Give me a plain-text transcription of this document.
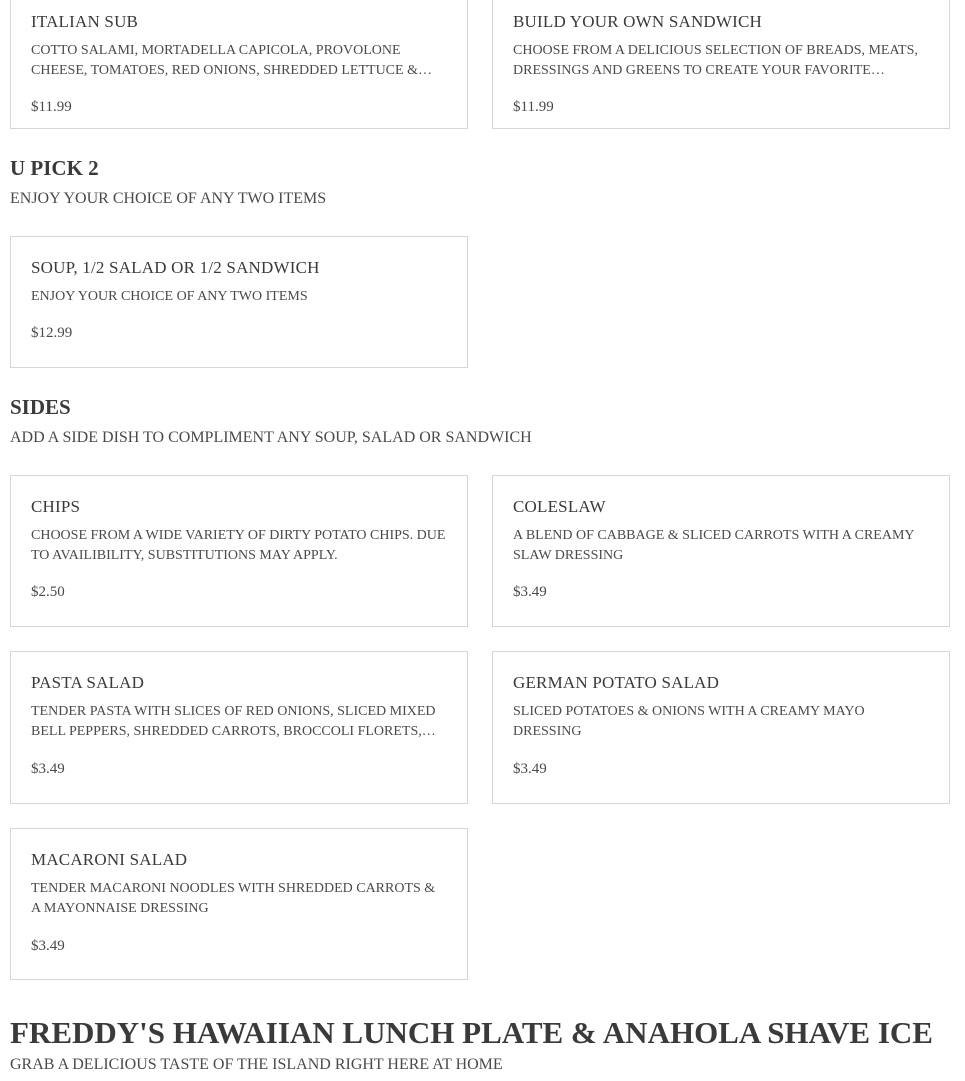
ITALIAN SUB
COTTO SALAMI, MORTADELLA CAPICOLA, PROVOLONE CHEESE, TOMATOES, RED ONIONS, SHREDDED LETTUCE &…
$11.99
BUILD YOUR OWN SANDWICH
CHOOSE FROM A DELICIOUS SELECTION OF BREADS, MEATS, DRESSINGS AND GREENS TO CREATE YOUR FAVORITE…
$11.99
U PICK 2
ENJOY YOUR CHOICE OF ANY TWO ITEMS
SOUP, 1/2 SALAD OR 1/2 SANDWICH
ENJOY YOUR CHOICE OF ANY TWO ITEMS
$12.99
SIDES
ADD A SIDE DISH TO COMPLIMENT ANY SOUP, SALAD OR SANDWICH
CHIPS
CHOOSE FROM A WIDE VARIETY OF DIRTY POTATO CHIPS. DUE TO AVAILIBILITY, SUBSTITUTIONS MAY APPLY.
$2.50
COLESLAW
A BLEND OF CABBAGE & SLICED CARROTS WITH A CREAMY SLAW DRESSING
$3.49
PASTA SALAD
TENDER PASTA WITH SLICES OF RED ONIONS, SLICED MIXED BELL PEPPERS, SHREDDED CARROTS, BROCCOLI FLORETS,…
$3.49
GERMAN POTATO SALAD
SLICED POTATOES & ONIONS WITH A CREAMY MAYO DRESSING
$3.49
MACARONI SALAD
TENDER MACARONI NOODLES WITH SHREDDED CARROTS & A MAYONNAISE DRESSING
$3.49
FREDDY'S HAWAIIAN LUNCH PLATE & ANAHOLA SHAVE ICE
GRAB A DELICIOUS TASTE OF THE ISLAND RIGHT HERE AT HOME
